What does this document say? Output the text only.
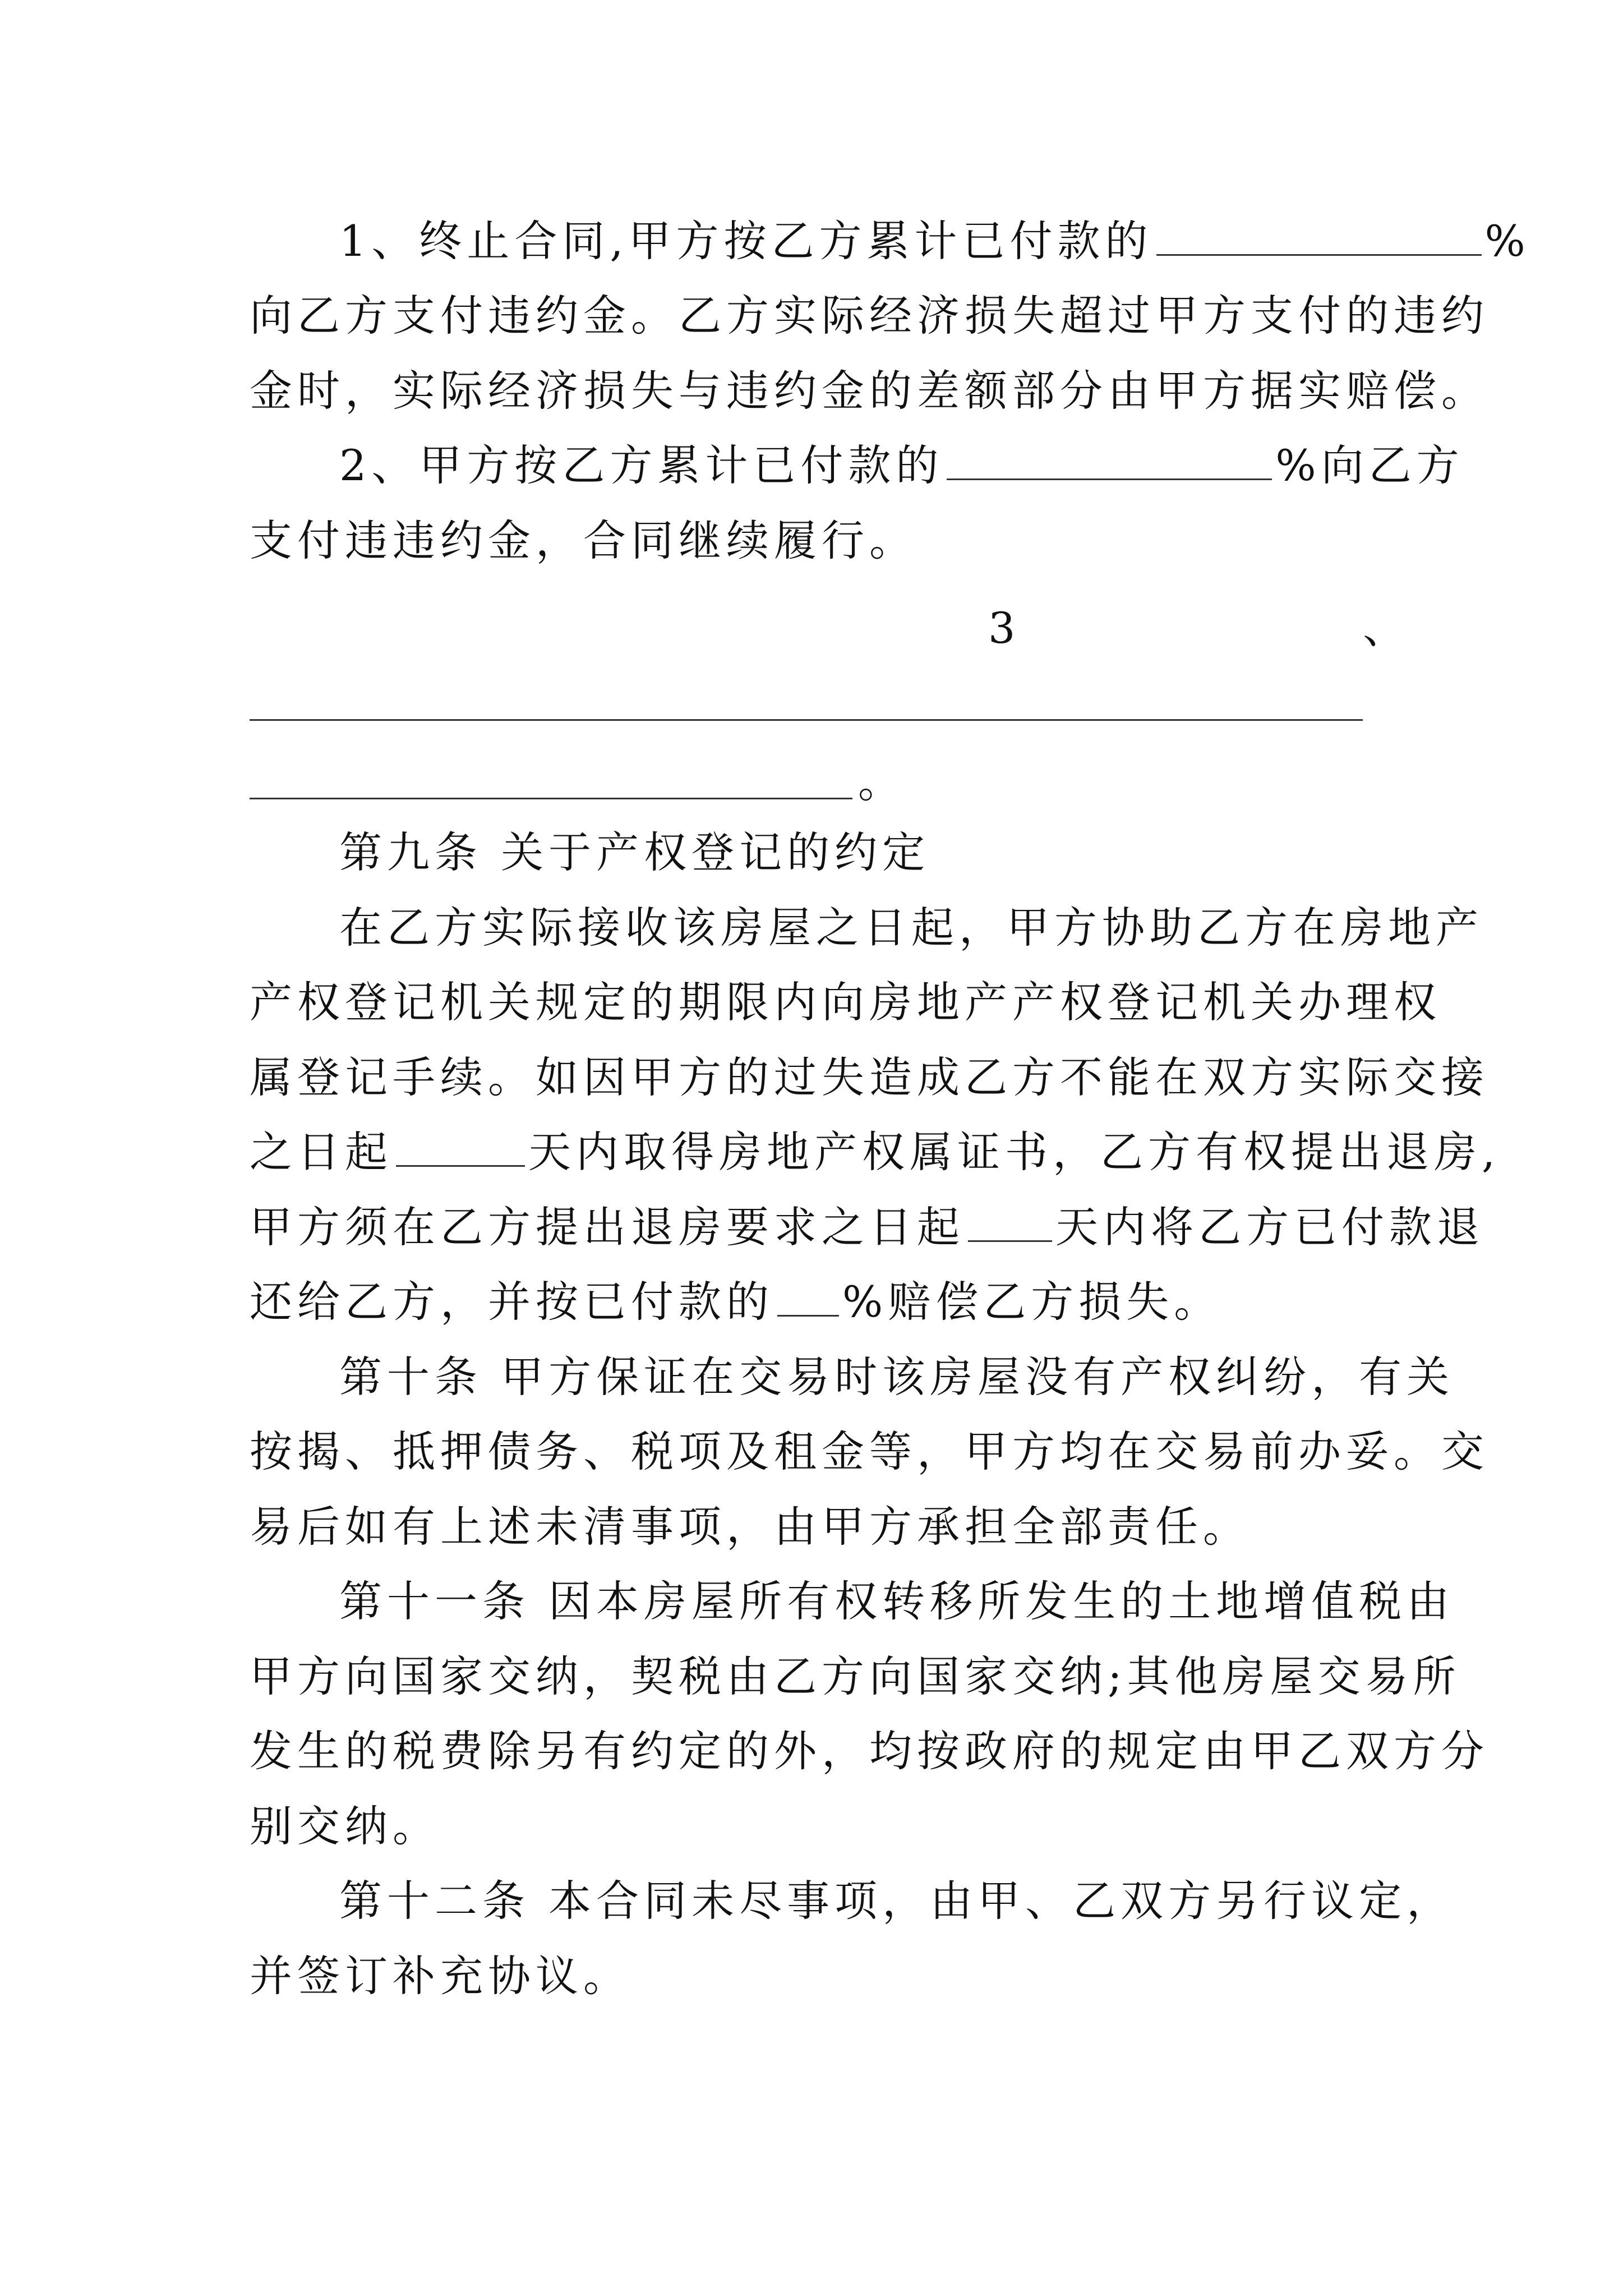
1、终止合同,甲方按乙方累计已付款的	%
向乙方支付违约金。乙方实际经济损失超过甲方支付的违约
金时，实际经济损失与违约金的差额部分由甲方据实赔偿。
2、甲方按乙方累计已付款的	%向乙方
支付违违约金，合同继续履行。
3	、
。
第九条 关于产权登记的约定
在乙方实际接收该房屋之日起，甲方协助乙方在房地产
产权登记机关规定的期限内向房地产产权登记机关办理权
属登记手续。如因甲方的过失造成乙方不能在双方实际交接
之日起	天内取得房地产权属证书，乙方有权提出退房,
甲方须在乙方提出退房要求之日起 天内将乙方已付款退
还给乙方，并按已付款的 %赔偿乙方损失。
第十条 甲方保证在交易时该房屋没有产权纠纷，有关
按揭、抵押债务、税项及租金等，甲方均在交易前办妥。交
易后如有上述未清事项，由甲方承担全部责任。
第十一条 因本房屋所有权转移所发生的土地增值税由
甲方向国家交纳，契税由乙方向国家交纳;其他房屋交易所
发生的税费除另有约定的外，均按政府的规定由甲乙双方分
别交纳。
第十二条 本合同未尽事项，由甲、乙双方另行议定，
并签订补充协议。
